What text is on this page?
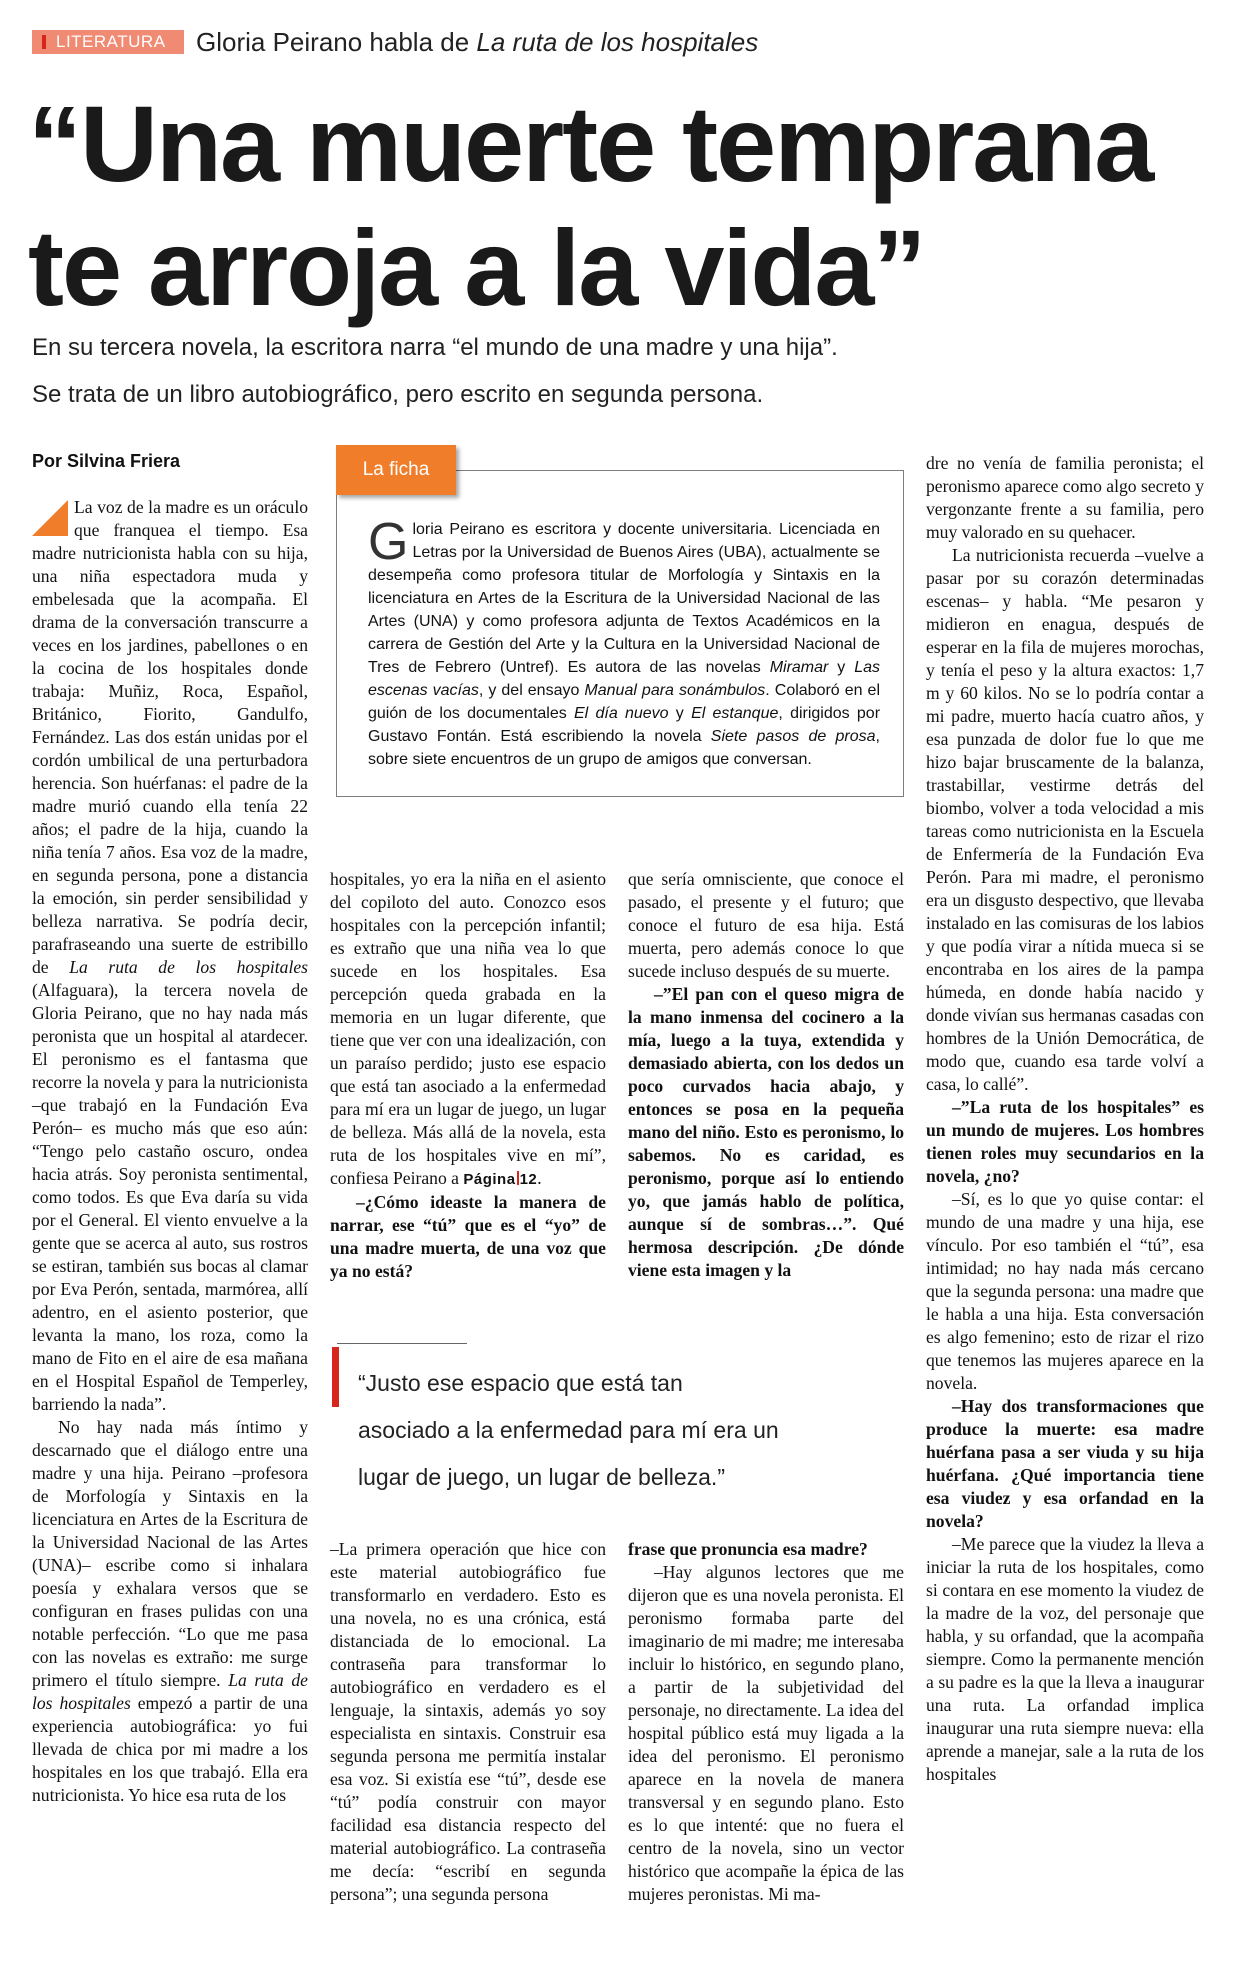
LITERATURA Gloria Peirano habla de La ruta de los hospitales
“Una muerte temprana
te arroja a la vida”
En su tercera novela, la escritora narra “el mundo de una madre y una hija”.
Se trata de un libro autobiográfico, pero escrito en segunda persona.
Por Silvina Friera

La voz de la madre es un oráculo que franquea el tiempo. Esa madre nutricionista habla con su hija, una niña espectadora muda y embelesada que la acompaña. El drama de la conversación transcurre a veces en los jardines, pabellones o en la cocina de los hospitales donde trabaja: Muñiz, Roca, Español, Británico, Fiorito, Gandulfo, Fernández. Las dos están unidas por el cordón umbilical de una perturbadora herencia. Son huérfanas: el padre de la madre murió cuando ella tenía 22 años; el padre de la hija, cuando la niña tenía 7 años. Esa voz de la madre, en segunda persona, pone a distancia la emoción, sin perder sensibilidad y belleza narrativa. Se podría decir, parafraseando una suerte de estribillo de La ruta de los hospitales (Alfaguara), la tercera novela de Gloria Peirano, que no hay nada más peronista que un hospital al atardecer. El peronismo es el fantasma que recorre la novela y para la nutricionista –que trabajó en la Fundación Eva Perón– es mucho más que eso aún: “Tengo pelo castaño oscuro, ondea hacia atrás. Soy peronista sentimental, como todos. Es que Eva daría su vida por el General. El viento envuelve a la gente que se acerca al auto, sus rostros se estiran, también sus bocas al clamar por Eva Perón, sentada, marmórea, allí adentro, en el asiento posterior, que levanta la mano, los roza, como la mano de Fito en el aire de esa mañana en el Hospital Español de Temperley, barriendo la nada”.

No hay nada más íntimo y descarnado que el diálogo entre una madre y una hija. Peirano –profesora de Morfología y Sintaxis en la licenciatura en Artes de la Escritura de la Universidad Nacional de las Artes (UNA)– escribe como si inhalara poesía y exhalara versos que se configuran en frases pulidas con una notable perfección. “Lo que me pasa con las novelas es extraño: me surge primero el título siempre. La ruta de los hospitales empezó a partir de una experiencia autobiográfica: yo fui llevada de chica por mi madre a los hospitales en los que trabajó. Ella era nutricionista. Yo hice esa ruta de los

La ficha
Gloria Peirano es escritora y docente universitaria. Licenciada en Letras por la Universidad de Buenos Aires (UBA), actualmente se desempeña como profesora titular de Morfología y Sintaxis en la licenciatura en Artes de la Escritura de la Universidad Nacional de las Artes (UNA) y como profesora adjunta de Textos Académicos en la carrera de Gestión del Arte y la Cultura en la Universidad Nacional de Tres de Febrero (Untref). Es autora de las novelas Miramar y Las escenas vacías, y del ensayo Manual para sonámbulos. Colaboró en el guión de los documentales El día nuevo y El estanque, dirigidos por Gustavo Fontán. Está escribiendo la novela Siete pasos de prosa, sobre siete encuentros de un grupo de amigos que conversan.

hospitales, yo era la niña en el asiento del copiloto del auto. Conozco esos hospitales con la percepción infantil; es extraño que una niña vea lo que sucede en los hospitales. Esa percepción queda grabada en la memoria en un lugar diferente, que tiene que ver con una idealización, con un paraíso perdido; justo ese espacio que está tan asociado a la enfermedad para mí era un lugar de juego, un lugar de belleza. Más allá de la novela, esta ruta de los hospitales vive en mí”, confiesa Peirano a Página 12.

–¿Cómo ideaste la manera de narrar, ese “tú” que es el “yo” de una madre muerta, de una voz que ya no está?

que sería omnisciente, que conoce el pasado, el presente y el futuro; que conoce el futuro de esa hija. Está muerta, pero además conoce lo que sucede incluso después de su muerte.

–”El pan con el queso migra de la mano inmensa del cocinero a la mía, luego a la tuya, extendida y demasiado abierta, con los dedos un poco curvados hacia abajo, y entonces se posa en la pequeña mano del niño. Esto es peronismo, lo sabemos. No es caridad, es peronismo, porque así lo entiendo yo, que jamás hablo de política, aunque sí de sombras…”. Qué hermosa descripción. ¿De dónde viene esta imagen y la

“Justo ese espacio que está tan
asociado a la enfermedad para mí era un
lugar de juego, un lugar de belleza.”

–La primera operación que hice con este material autobiográfico fue transformarlo en verdadero. Esto es una novela, no es una crónica, está distanciada de lo emocional. La contraseña para transformar lo autobiográfico en verdadero es el lenguaje, la sintaxis, además yo soy especialista en sintaxis. Construir esa segunda persona me permitía instalar esa voz. Si existía ese “tú”, desde ese “tú” podía construir con mayor facilidad esa distancia respecto del material autobiográfico. La contraseña me decía: “escribí en segunda persona”; una segunda persona

frase que pronuncia esa madre?

–Hay algunos lectores que me dijeron que es una novela peronista. El peronismo formaba parte del imaginario de mi madre; me interesaba incluir lo histórico, en segundo plano, a partir de la subjetividad del personaje, no directamente. La idea del hospital público está muy ligada a la idea del peronismo. El peronismo aparece en la novela de manera transversal y en segundo plano. Esto es lo que intenté: que no fuera el centro de la novela, sino un vector histórico que acompañe la épica de las mujeres peronistas. Mi ma-

dre no venía de familia peronista; el peronismo aparece como algo secreto y vergonzante frente a su familia, pero muy valorado en su quehacer.

La nutricionista recuerda –vuelve a pasar por su corazón determinadas escenas– y habla. “Me pesaron y midieron en enagua, después de esperar en la fila de mujeres morochas, y tenía el peso y la altura exactos: 1,7 m y 60 kilos. No se lo podría contar a mi padre, muerto hacía cuatro años, y esa punzada de dolor fue lo que me hizo bajar bruscamente de la balanza, trastabillar, vestirme detrás del biombo, volver a toda velocidad a mis tareas como nutricionista en la Escuela de Enfermería de la Fundación Eva Perón. Para mi madre, el peronismo era un disgusto despectivo, que llevaba instalado en las comisuras de los labios y que podía virar a nítida mueca si se encontraba en los aires de la pampa húmeda, en donde había nacido y donde vivían sus hermanas casadas con hombres de la Unión Democrática, de modo que, cuando esa tarde volví a casa, lo callé”.

–”La ruta de los hospitales” es un mundo de mujeres. Los hombres tienen roles muy secundarios en la novela, ¿no?

–Sí, es lo que yo quise contar: el mundo de una madre y una hija, ese vínculo. Por eso también el “tú”, esa intimidad; no hay nada más cercano que la segunda persona: una madre que le habla a una hija. Esta conversación es algo femenino; esto de rizar el rizo que tenemos las mujeres aparece en la novela.

–Hay dos transformaciones que produce la muerte: esa madre huérfana pasa a ser viuda y su hija huérfana. ¿Qué importancia tiene esa viudez y esa orfandad en la novela?

–Me parece que la viudez la lleva a iniciar la ruta de los hospitales, como si contara en ese momento la viudez de la madre de la voz, del personaje que habla, y su orfandad, que la acompaña siempre. Como la permanente mención a su padre es la que la lleva a inaugurar una ruta. La orfandad implica inaugurar una ruta siempre nueva: ella aprende a manejar, sale a la ruta de los hospitales
